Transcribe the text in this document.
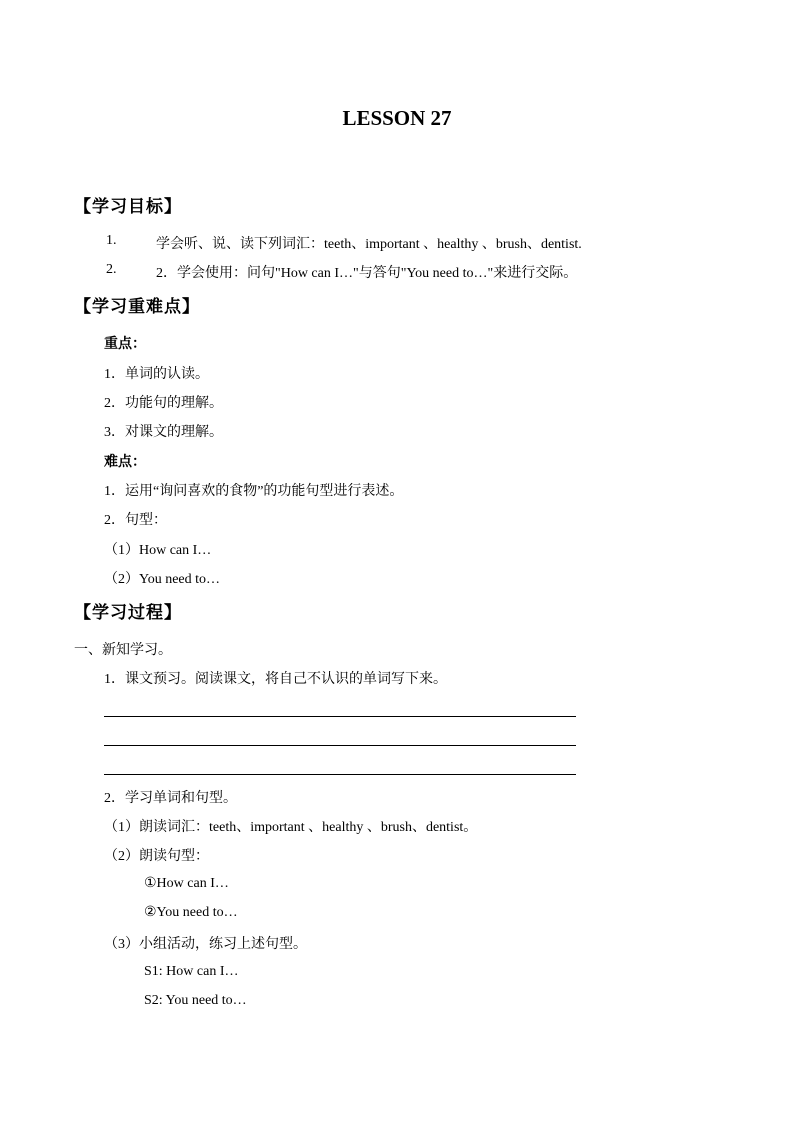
LESSON 27
【学习目标】
1.	学会听、说、读下列词汇：teeth、important 、healthy 、brush、dentist.
2.	2．学会使用：问句"How can I…"与答句"You need to…"来进行交际。
【学习重难点】
重点：
1．单词的认读。
2．功能句的理解。
3．对课文的理解。
难点：
1．运用“询问喜欢的食物”的功能句型进行表述。
2．句型：
（1）How can I…
（2）You need to…
【学习过程】
一、新知学习。
1．课文预习。阅读课文，将自己不认识的单词写下来。
2．学习单词和句型。
（1）朗读词汇：teeth、important 、healthy 、brush、dentist。
（2）朗读句型：
①How can I…
②You need to…
（3）小组活动，练习上述句型。
S1: How can I…
S2: You need to…
